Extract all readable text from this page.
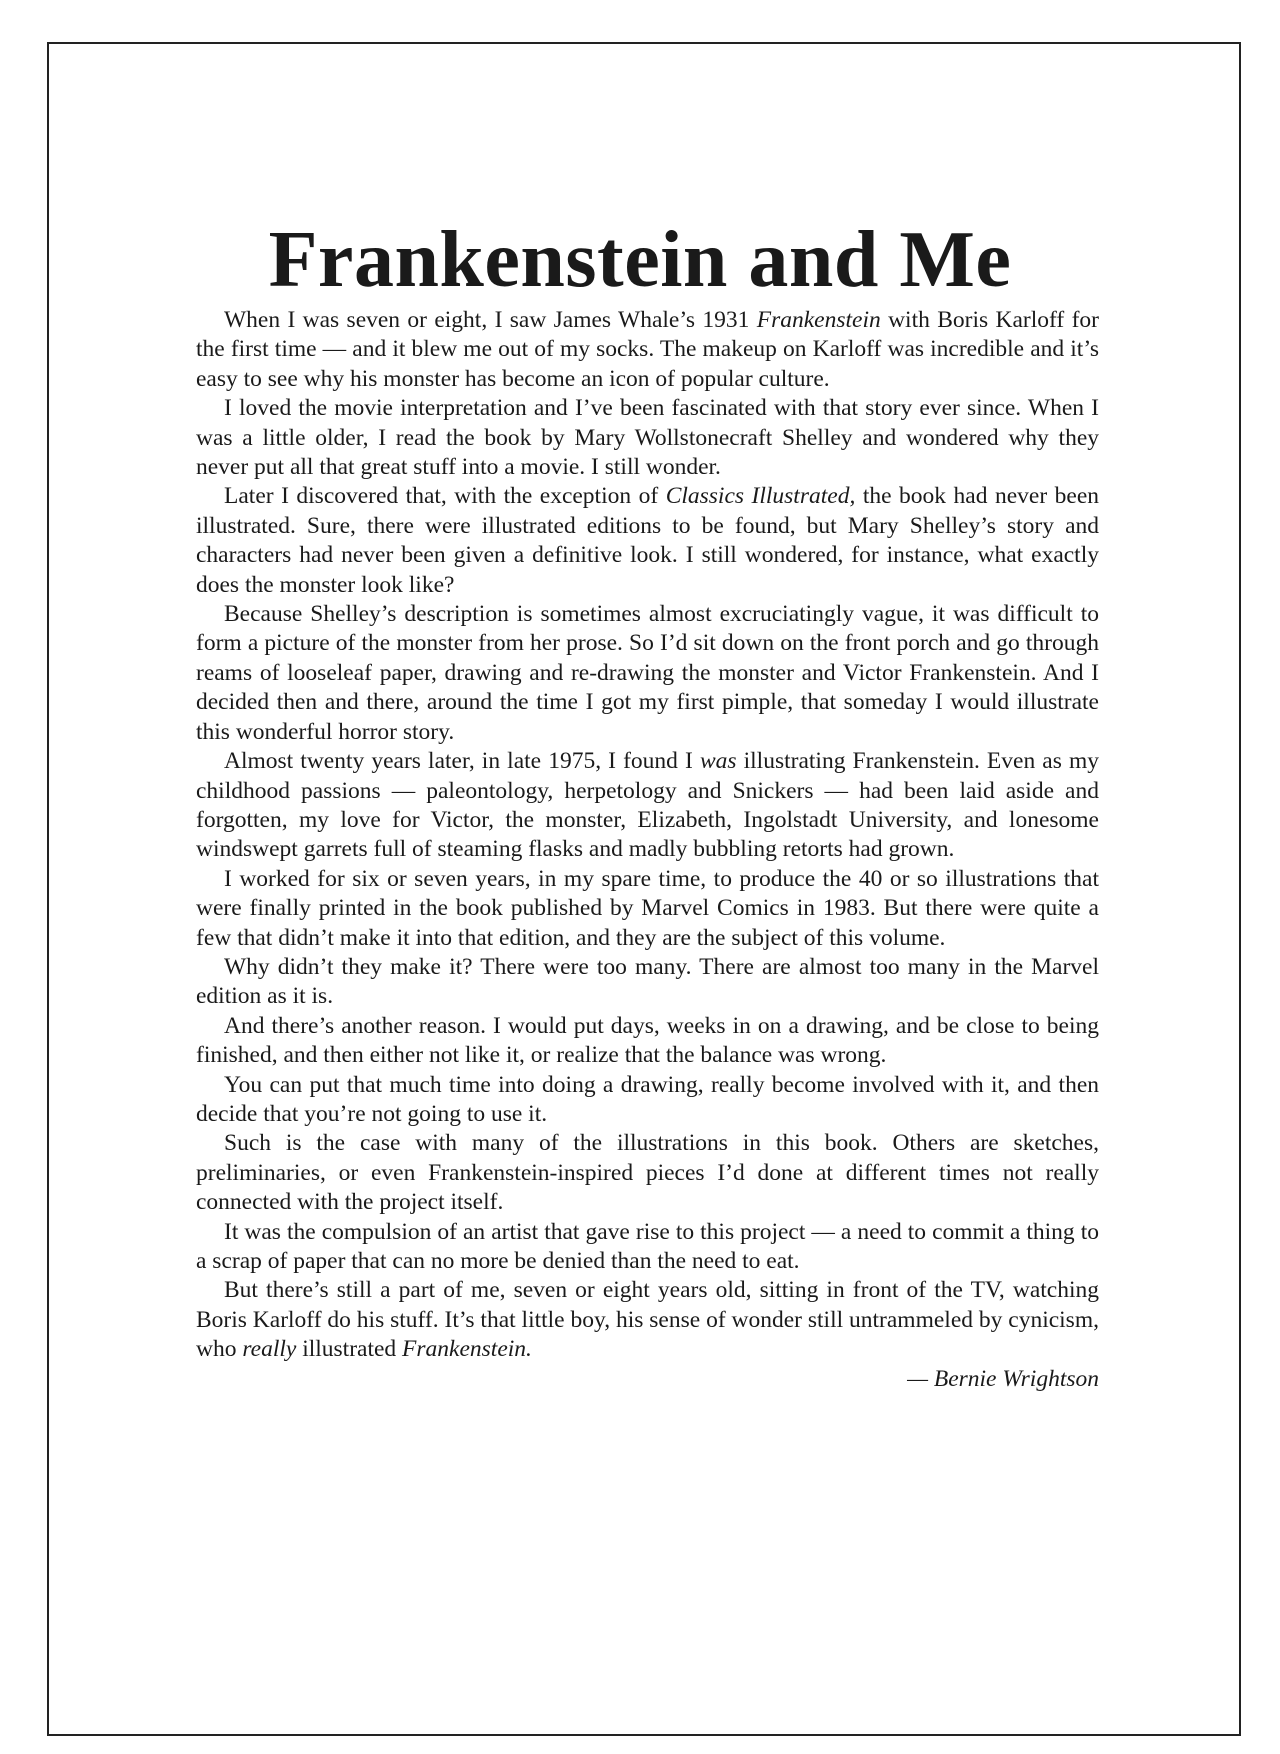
Frankenstein and Me

When I was seven or eight, I saw James Whale’s 1931 Frankenstein with Boris Karloff for the first time — and it blew me out of my socks. The makeup on Karloff was incredible and it’s easy to see why his monster has become an icon of popular culture.

I loved the movie interpretation and I’ve been fascinated with that story ever since. When I was a little older, I read the book by Mary Wollstonecraft Shelley and wondered why they never put all that great stuff into a movie. I still wonder.

Later I discovered that, with the exception of Classics Illustrated, the book had never been illustrated. Sure, there were illustrated editions to be found, but Mary Shelley’s story and characters had never been given a definitive look. I still wondered, for instance, what exactly does the monster look like?

Because Shelley’s description is sometimes almost excruciatingly vague, it was difficult to form a picture of the monster from her prose. So I’d sit down on the front porch and go through reams of looseleaf paper, drawing and re-drawing the monster and Victor Frankenstein. And I decided then and there, around the time I got my first pimple, that someday I would illustrate this wonderful horror story.

Almost twenty years later, in late 1975, I found I was illustrating Frankenstein. Even as my childhood passions — paleontology, herpetology and Snickers — had been laid aside and forgotten, my love for Victor, the monster, Elizabeth, Ingolstadt University, and lonesome windswept garrets full of steaming flasks and madly bubbling retorts had grown.

I worked for six or seven years, in my spare time, to produce the 40 or so illustrations that were finally printed in the book published by Marvel Comics in 1983. But there were quite a few that didn’t make it into that edition, and they are the subject of this volume.

Why didn’t they make it? There were too many. There are almost too many in the Marvel edition as it is.

And there’s another reason. I would put days, weeks in on a drawing, and be close to being finished, and then either not like it, or realize that the balance was wrong.

You can put that much time into doing a drawing, really become involved with it, and then decide that you’re not going to use it.

Such is the case with many of the illustrations in this book. Others are sketches, preliminaries, or even Frankenstein-inspired pieces I’d done at different times not really connected with the project itself.

It was the compulsion of an artist that gave rise to this project — a need to commit a thing to a scrap of paper that can no more be denied than the need to eat.

But there’s still a part of me, seven or eight years old, sitting in front of the TV, watching Boris Karloff do his stuff. It’s that little boy, his sense of wonder still untrammeled by cynicism, who really illustrated Frankenstein.

— Bernie Wrightson
